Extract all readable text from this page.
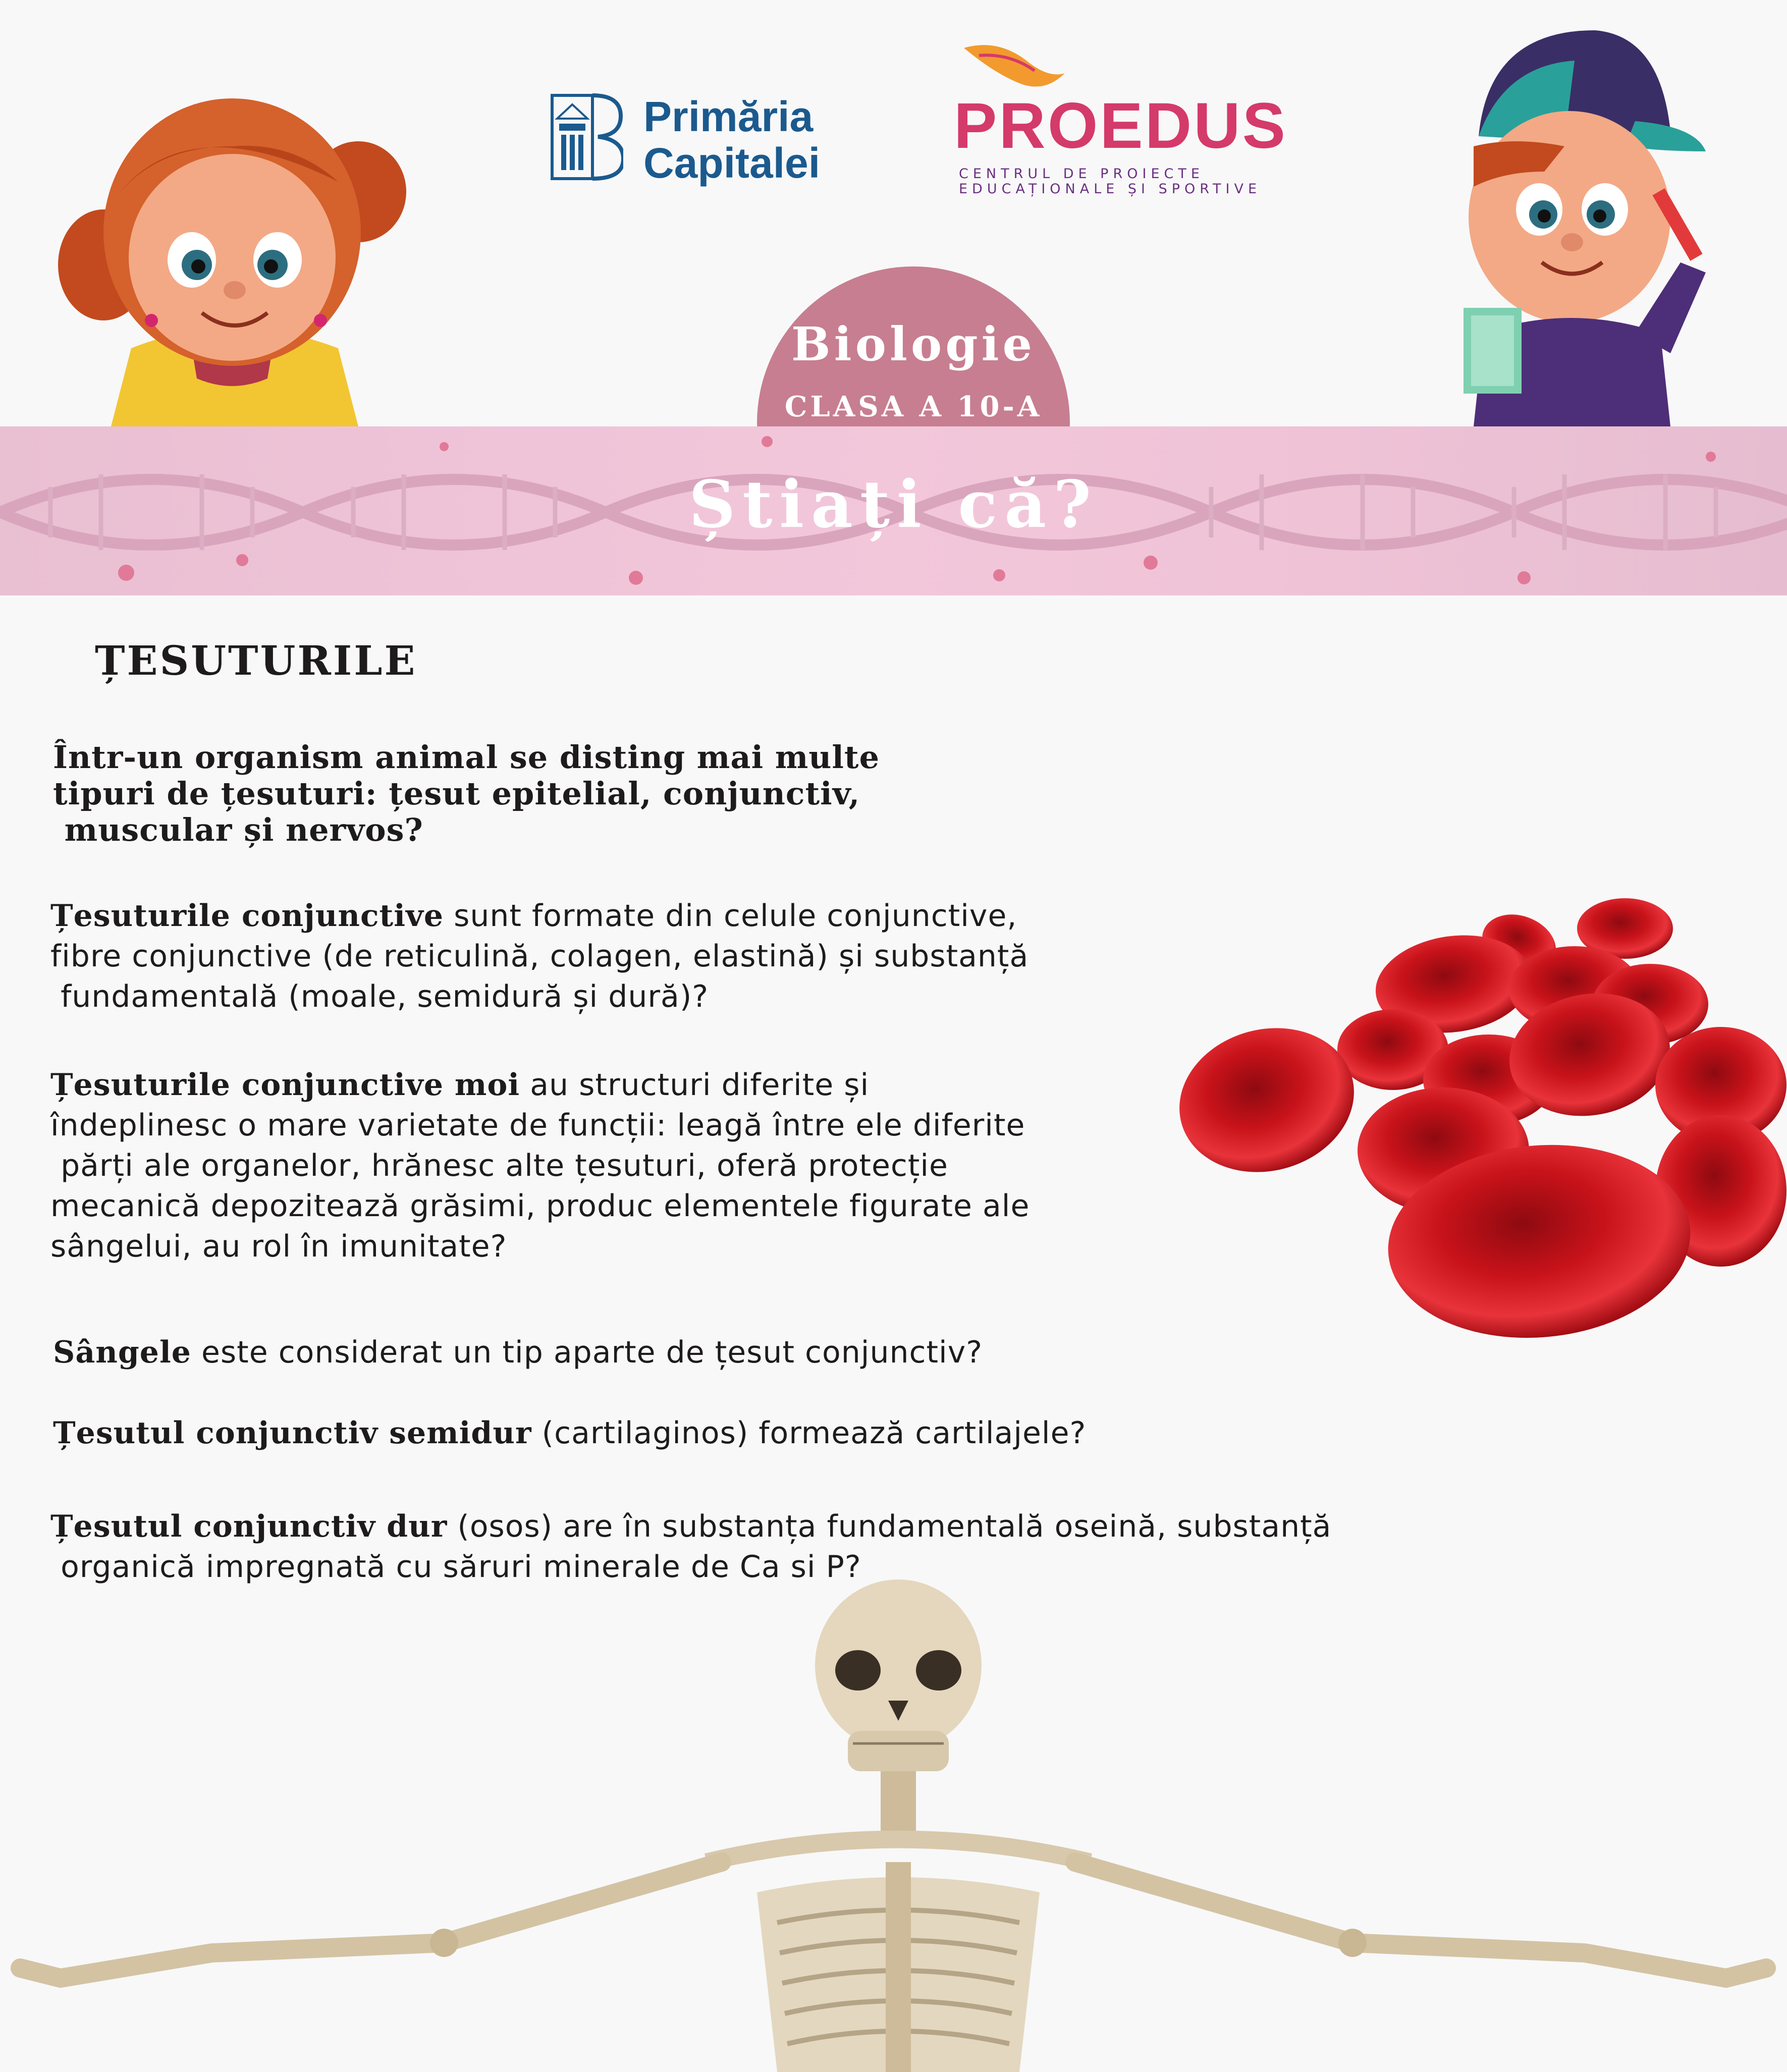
Primăria
Capitalei
PROEDUS
CENTRUL DE PROIECTE
EDUCAȚIONALE ȘI SPORTIVE
Biologie
CLASA A 10-A
Știați că?
ȚESUTURILE
Într-un organism animal se disting mai multe
tipuri de țesuturi: țesut epitelial, conjunctiv,
muscular și nervos?
Țesuturile conjunctive sunt formate din celule conjunctive,
fibre conjunctive (de reticulină, colagen, elastină) și substanță
fundamentală (moale, semidură și dură)?
Țesuturile conjunctive moi au structuri diferite și
îndeplinesc o mare varietate de funcții: leagă între ele diferite
părți ale organelor, hrănesc alte țesuturi, oferă protecție
mecanică depozitează grăsimi, produc elementele figurate ale
sângelui, au rol în imunitate?
Sângele este considerat un tip aparte de țesut conjunctiv?
Țesutul conjunctiv semidur (cartilaginos) formează cartilajele?
Țesutul conjunctiv dur (osos) are în substanța fundamentală oseină, substanță
organică impregnată cu săruri minerale de Ca si P?
